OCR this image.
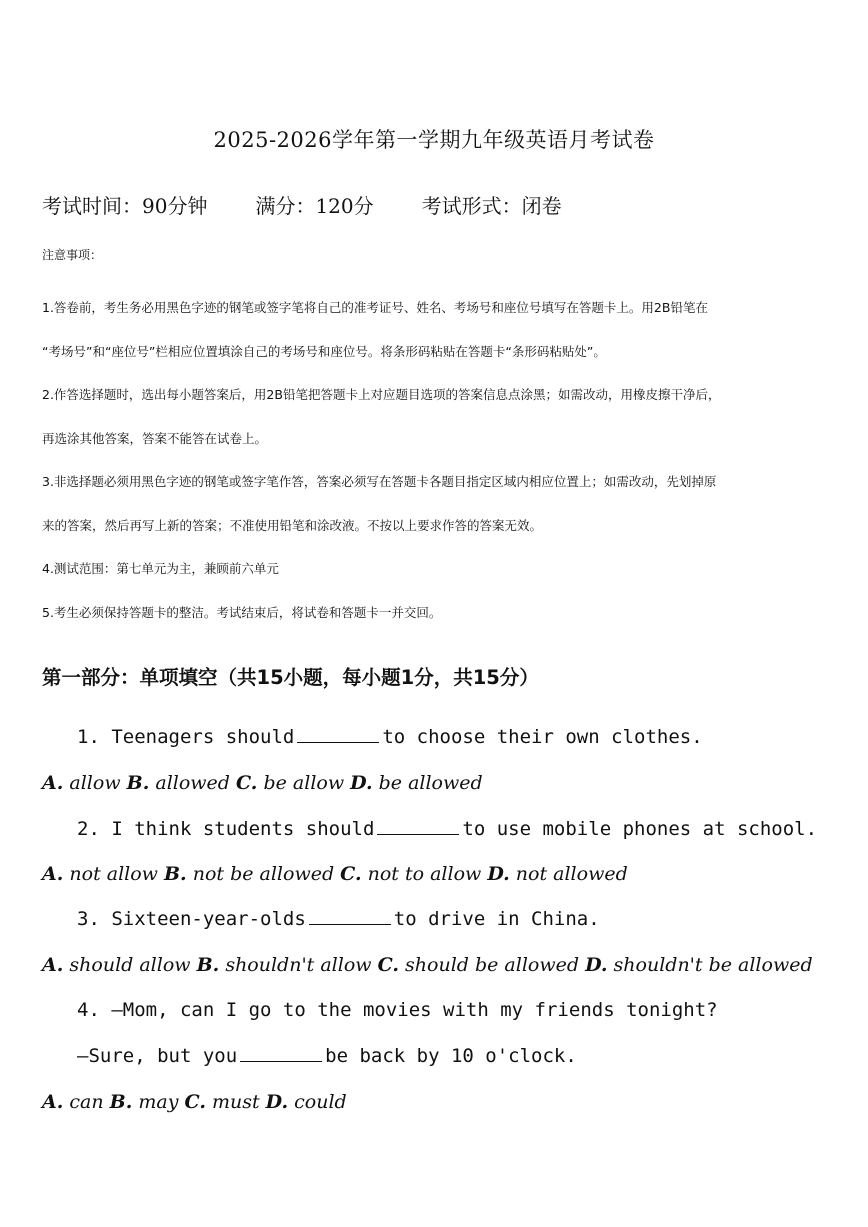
2025-2026学年第一学期九年级英语月考试卷
考试时间：90分钟 满分：120分 考试形式：闭卷
注意事项：

1.答卷前，考生务必用黑色字迹的钢笔或签字笔将自己的准考证号、姓名、考场号和座位号填写在答题卡上。用2B铅笔在

“考场号”和“座位号”栏相应位置填涂自己的考场号和座位号。将条形码粘贴在答题卡“条形码粘贴处”。

2.作答选择题时，选出每小题答案后，用2B铅笔把答题卡上对应题目选项的答案信息点涂黑；如需改动，用橡皮擦干净后，

再选涂其他答案，答案不能答在试卷上。

3.非选择题必须用黑色字迹的钢笔或签字笔作答，答案必须写在答题卡各题目指定区域内相应位置上；如需改动，先划掉原

来的答案，然后再写上新的答案；不准使用铅笔和涂改液。不按以上要求作答的答案无效。

4.测试范围：第七单元为主，兼顾前六单元

5.考生必须保持答题卡的整洁。考试结束后，将试卷和答题卡一并交回。

第一部分：单项填空（共15小题，每小题1分，共15分）
1. Teenagers should	to choose their own clothes.
A. allow B. allowed C. be allow D. be allowed
2. I think students should	to use mobile phones at school.
A. not allow B. not be allowed C. not to allow D. not allowed
3. Sixteen-year-olds	to drive in China.
A. should allow B. shouldn't allow C. should be allowed D. shouldn't be allowed
4. —Mom, can I go to the movies with my friends tonight?
—Sure, but you	be back by 10 o'clock.
A. can B. may C. must D. could
